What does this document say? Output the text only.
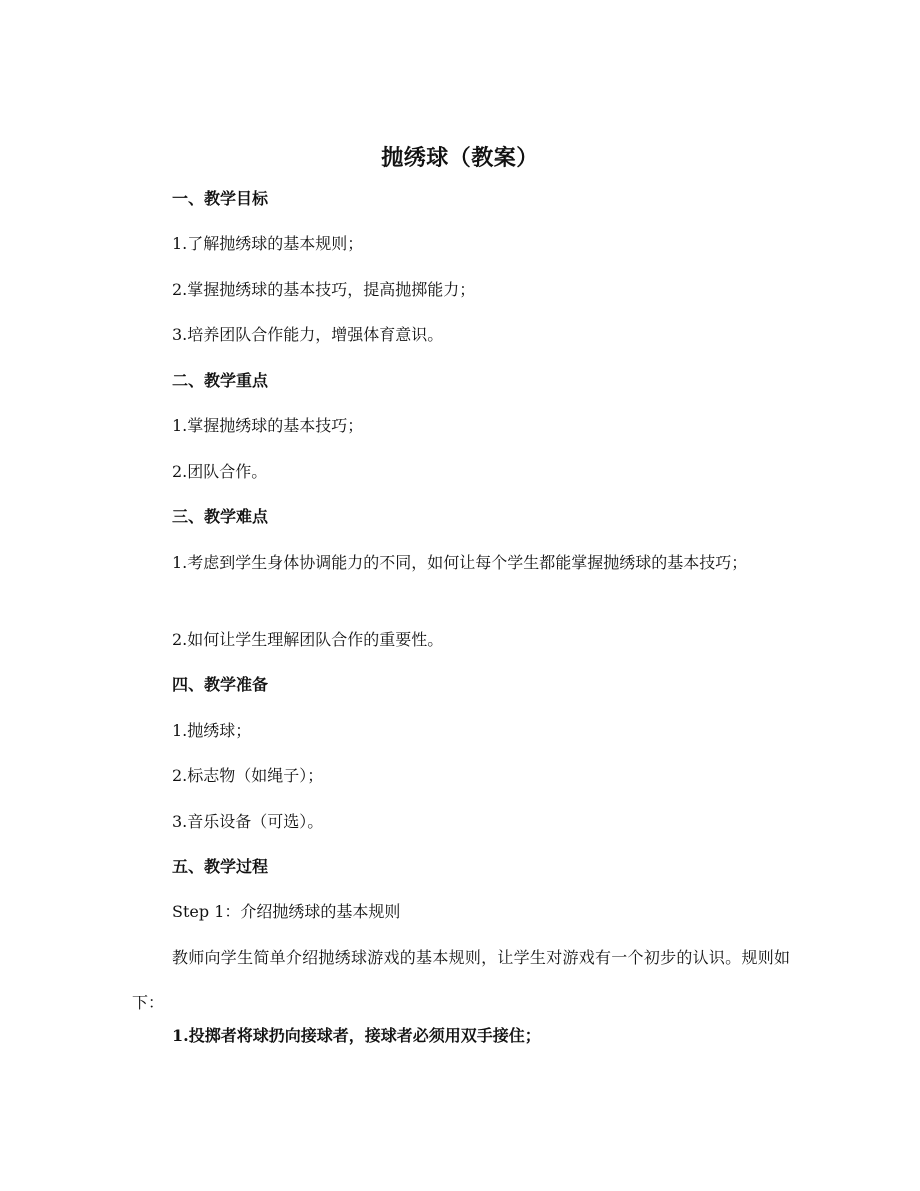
抛绣球（教案）
一、教学目标
1.了解抛绣球的基本规则；
2.掌握抛绣球的基本技巧，提高抛掷能力；
3.培养团队合作能力，增强体育意识。
二、教学重点
1.掌握抛绣球的基本技巧；
2.团队合作。
三、教学难点
1.考虑到学生身体协调能力的不同，如何让每个学生都能掌握抛绣球的基本技巧；
2.如何让学生理解团队合作的重要性。
四、教学准备
1.抛绣球；
2.标志物（如绳子）；
3.音乐设备（可选）。
五、教学过程
Step 1：介绍抛绣球的基本规则
教师向学生简单介绍抛绣球游戏的基本规则，让学生对游戏有一个初步的认识。规则如下：
1.投掷者将球扔向接球者，接球者必须用双手接住；
